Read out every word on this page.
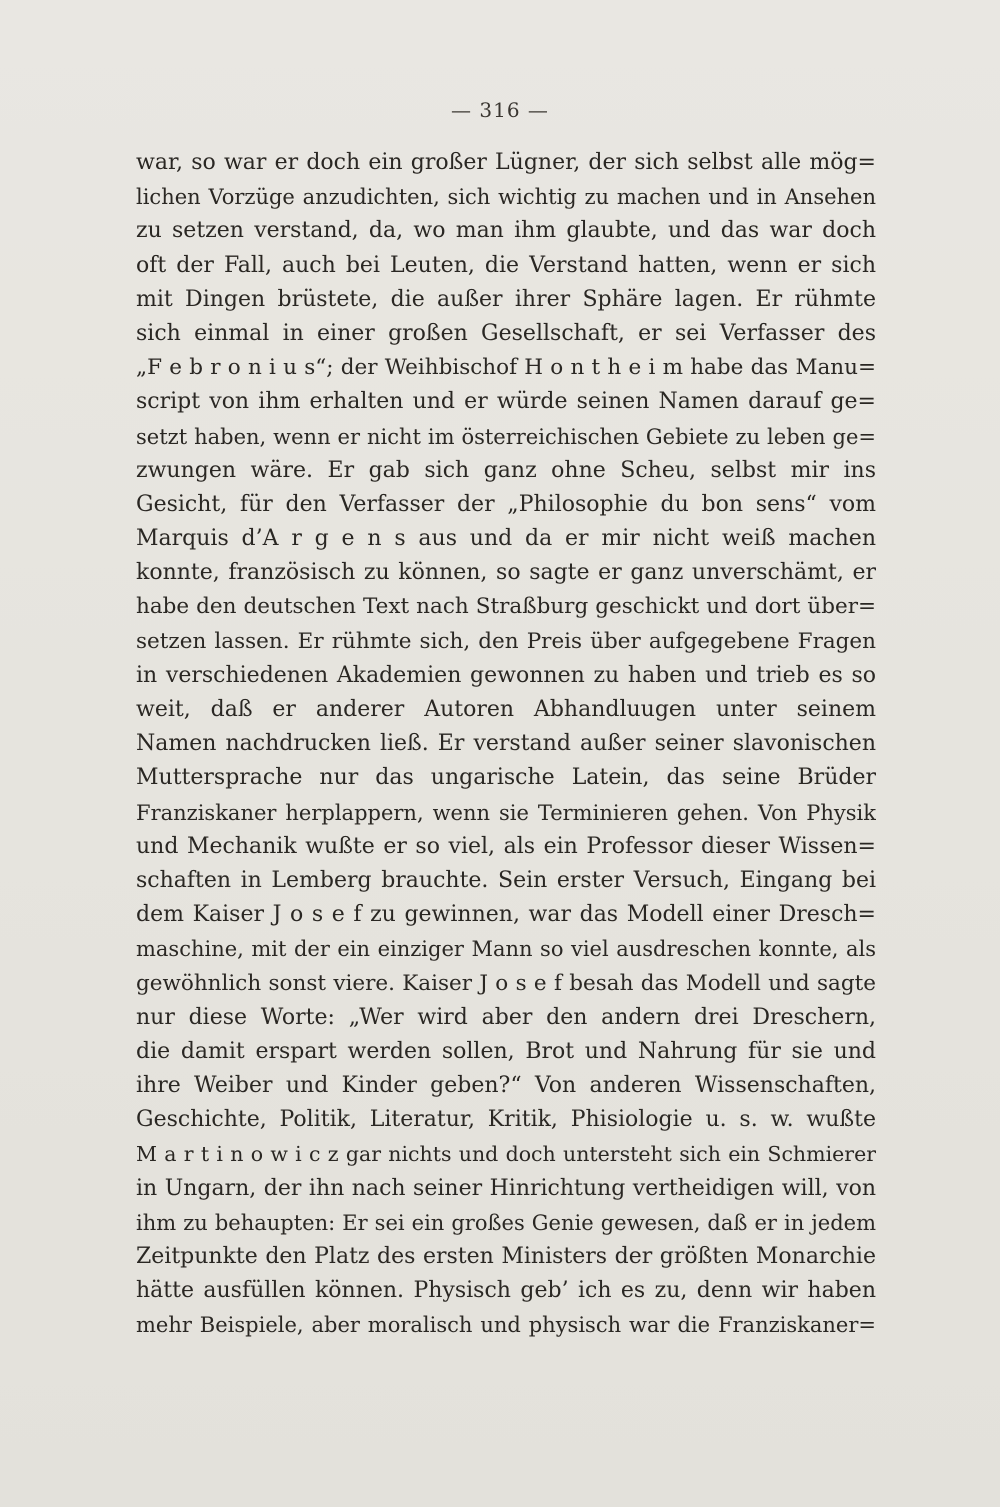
— 316 —
war, so war er doch ein großer Lügner, der sich selbst alle mög=
lichen Vorzüge anzudichten, sich wichtig zu machen und in Ansehen
zu setzen verstand, da, wo man ihm glaubte, und das war doch
oft der Fall, auch bei Leuten, die Verstand hatten, wenn er sich
mit Dingen brüstete, die außer ihrer Sphäre lagen. Er rühmte
sich einmal in einer großen Gesellschaft, er sei Verfasser des
„F e b r o n i u s“; der Weihbischof H o n t h e i m habe das Manu=
script von ihm erhalten und er würde seinen Namen darauf ge=
setzt haben, wenn er nicht im österreichischen Gebiete zu leben ge=
zwungen wäre. Er gab sich ganz ohne Scheu, selbst mir ins
Gesicht, für den Verfasser der „Philosophie du bon sens“ vom
Marquis d’A r g e n s aus und da er mir nicht weiß machen
konnte, französisch zu können, so sagte er ganz unverschämt, er
habe den deutschen Text nach Straßburg geschickt und dort über=
setzen lassen. Er rühmte sich, den Preis über aufgegebene Fragen
in verschiedenen Akademien gewonnen zu haben und trieb es so
weit, daß er anderer Autoren Abhandluugen unter seinem
Namen nachdrucken ließ. Er verstand außer seiner slavonischen
Muttersprache nur das ungarische Latein, das seine Brüder
Franziskaner herplappern, wenn sie Terminieren gehen. Von Physik
und Mechanik wußte er so viel, als ein Professor dieser Wissen=
schaften in Lemberg brauchte. Sein erster Versuch, Eingang bei
dem Kaiser J o s e f zu gewinnen, war das Modell einer Dresch=
maschine, mit der ein einziger Mann so viel ausdreschen konnte, als
gewöhnlich sonst viere. Kaiser J o s e f besah das Modell und sagte
nur diese Worte: „Wer wird aber den andern drei Dreschern,
die damit erspart werden sollen, Brot und Nahrung für sie und
ihre Weiber und Kinder geben?“ Von anderen Wissenschaften,
Geschichte, Politik, Literatur, Kritik, Phisiologie u. s. w. wußte
M a r t i n o w i c z gar nichts und doch untersteht sich ein Schmierer
in Ungarn, der ihn nach seiner Hinrichtung vertheidigen will, von
ihm zu behaupten: Er sei ein großes Genie gewesen, daß er in jedem
Zeitpunkte den Platz des ersten Ministers der größten Monarchie
hätte ausfüllen können. Physisch geb’ ich es zu, denn wir haben
mehr Beispiele, aber moralisch und physisch war die Franziskaner=
